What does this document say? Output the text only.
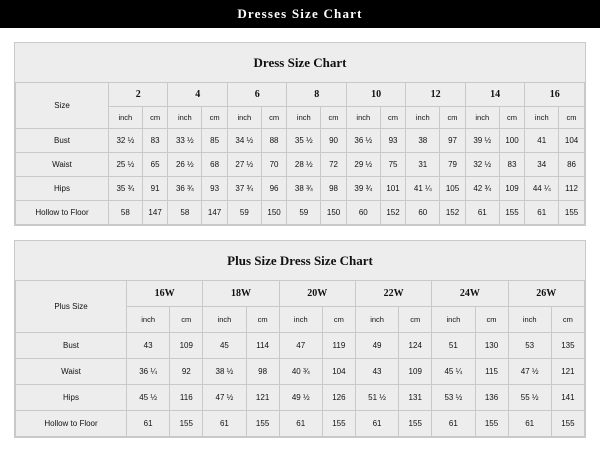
Dresses Size Chart
Dress Size Chart
Size	2		4		6		8		10		12		14		16	
	inch	cm	inch	cm	inch	cm	inch	cm	inch	cm	inch	cm	inch	cm	inch	cm
Bust	32 ½	83	33 ½	85	34 ½	88	35 ½	90	36 ½	93	38	97	39 ½	100	41	104
Waist	25 ½	65	26 ½	68	27 ½	70	28 ½	72	29 ½	75	31	79	32 ½	83	34	86
Hips	35 ¾	91	36 ¾	93	37 ¾	96	38 ¾	98	39 ¾	101	41 ¼	105	42 ¾	109	44 ¼	112
Hollow to Floor	58	147	58	147	59	150	59	150	60	152	60	152	61	155	61	155
Plus Size Dress Size Chart
Plus Size	16W		18W		20W		22W		24W		26W	
	inch	cm	inch	cm	inch	cm	inch	cm	inch	cm	inch	cm
Bust	43	109	45	114	47	119	49	124	51	130	53	135
Waist	36 ¼	92	38 ½	98	40 ¾	104	43	109	45 ¼	115	47 ½	121
Hips	45 ½	116	47 ½	121	49 ½	126	51 ½	131	53 ½	136	55 ½	141
Hollow to Floor	61	155	61	155	61	155	61	155	61	155	61	155
